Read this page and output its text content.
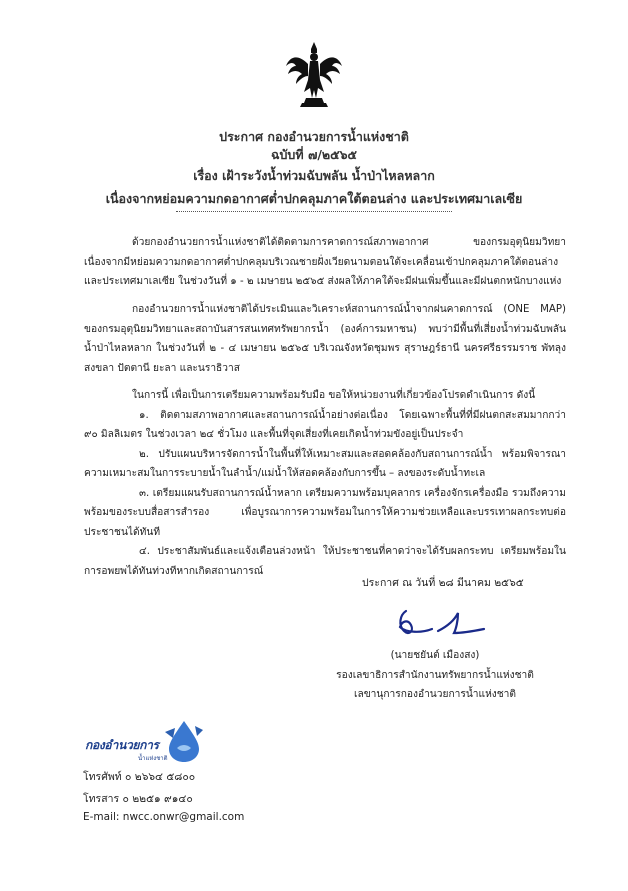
ประกาศ กองอำนวยการน้ำแห่งชาติ
ฉบับที่ ๗/๒๕๖๕
เรื่อง เฝ้าระวังน้ำท่วมฉับพลัน น้ำป่าไหลหลาก
เนื่องจากหย่อมความกดอากาศต่ำปกคลุมภาคใต้ตอนล่าง และประเทศมาเลเซีย

ด้วยกองอำนวยการน้ำแห่งชาติได้ติดตามการคาดการณ์สภาพอากาศ ของกรมอุตุนิยมวิทยา เนื่องจากมีหย่อมความกดอากาศต่ำปกคลุมบริเวณชายฝั่งเวียดนามตอนใต้จะเคลื่อนเข้าปกคลุมภาคใต้ตอนล่าง และประเทศมาเลเซีย ในช่วงวันที่ ๑ - ๒ เมษายน ๒๕๖๕ ส่งผลให้ภาคใต้จะมีฝนเพิ่มขึ้นและมีฝนตกหนักบางแห่ง

กองอำนวยการน้ำแห่งชาติได้ประเมินและวิเคราะห์สถานการณ์น้ำจากฝนคาดการณ์ (ONE MAP) ของกรมอุตุนิยมวิทยาและสถาบันสารสนเทศทรัพยากรน้ำ (องค์การมหาชน) พบว่ามีพื้นที่เสี่ยงน้ำท่วมฉับพลัน น้ำป่าไหลหลาก ในช่วงวันที่ ๒ - ๔ เมษายน ๒๕๖๕ บริเวณจังหวัดชุมพร สุราษฎร์ธานี นครศรีธรรมราช พัทลุง สงขลา ปัตตานี ยะลา และนราธิวาส

ในการนี้ เพื่อเป็นการเตรียมความพร้อมรับมือ ขอให้หน่วยงานที่เกี่ยวข้องโปรดดำเนินการ ดังนี้

๑. ติดตามสภาพอากาศและสถานการณ์น้ำอย่างต่อเนื่อง โดยเฉพาะพื้นที่ที่มีฝนตกสะสมมากกว่า ๙๐ มิลลิเมตร ในช่วงเวลา ๒๔ ชั่วโมง และพื้นที่จุดเสี่ยงที่เคยเกิดน้ำท่วมขังอยู่เป็นประจำ

๒. ปรับแผนบริหารจัดการน้ำในพื้นที่ให้เหมาะสมและสอดคล้องกับสถานการณ์น้ำ พร้อมพิจารณาความเหมาะสมในการระบายน้ำในลำน้ำ/แม่น้ำให้สอดคล้องกับการขึ้น – ลงของระดับน้ำทะเล

๓. เตรียมแผนรับสถานการณ์น้ำหลาก เตรียมความพร้อมบุคลากร เครื่องจักรเครื่องมือ รวมถึงความพร้อมของระบบสื่อสารสำรอง เพื่อบูรณาการความพร้อมในการให้ความช่วยเหลือและบรรเทาผลกระทบต่อประชาชนได้ทันที

๔. ประชาสัมพันธ์และแจ้งเตือนล่วงหน้า ให้ประชาชนที่คาดว่าจะได้รับผลกระทบ เตรียมพร้อมในการอพยพได้ทันท่วงทีหากเกิดสถานการณ์

ประกาศ ณ วันที่ ๒๘ มีนาคม ๒๕๖๕
(นายชยันต์ เมืองสง)
รองเลขาธิการสำนักงานทรัพยากรน้ำแห่งชาติ
เลขานุการกองอำนวยการน้ำแห่งชาติ
กองอำนวยการ
น้ำแห่งชาติ
โทรศัพท์ ๐ ๒๖๖๔ ๕๘๐๐
โทรสาร ๐ ๒๒๕๑ ๙๑๔๐
E-mail: nwcc.onwr@gmail.com
